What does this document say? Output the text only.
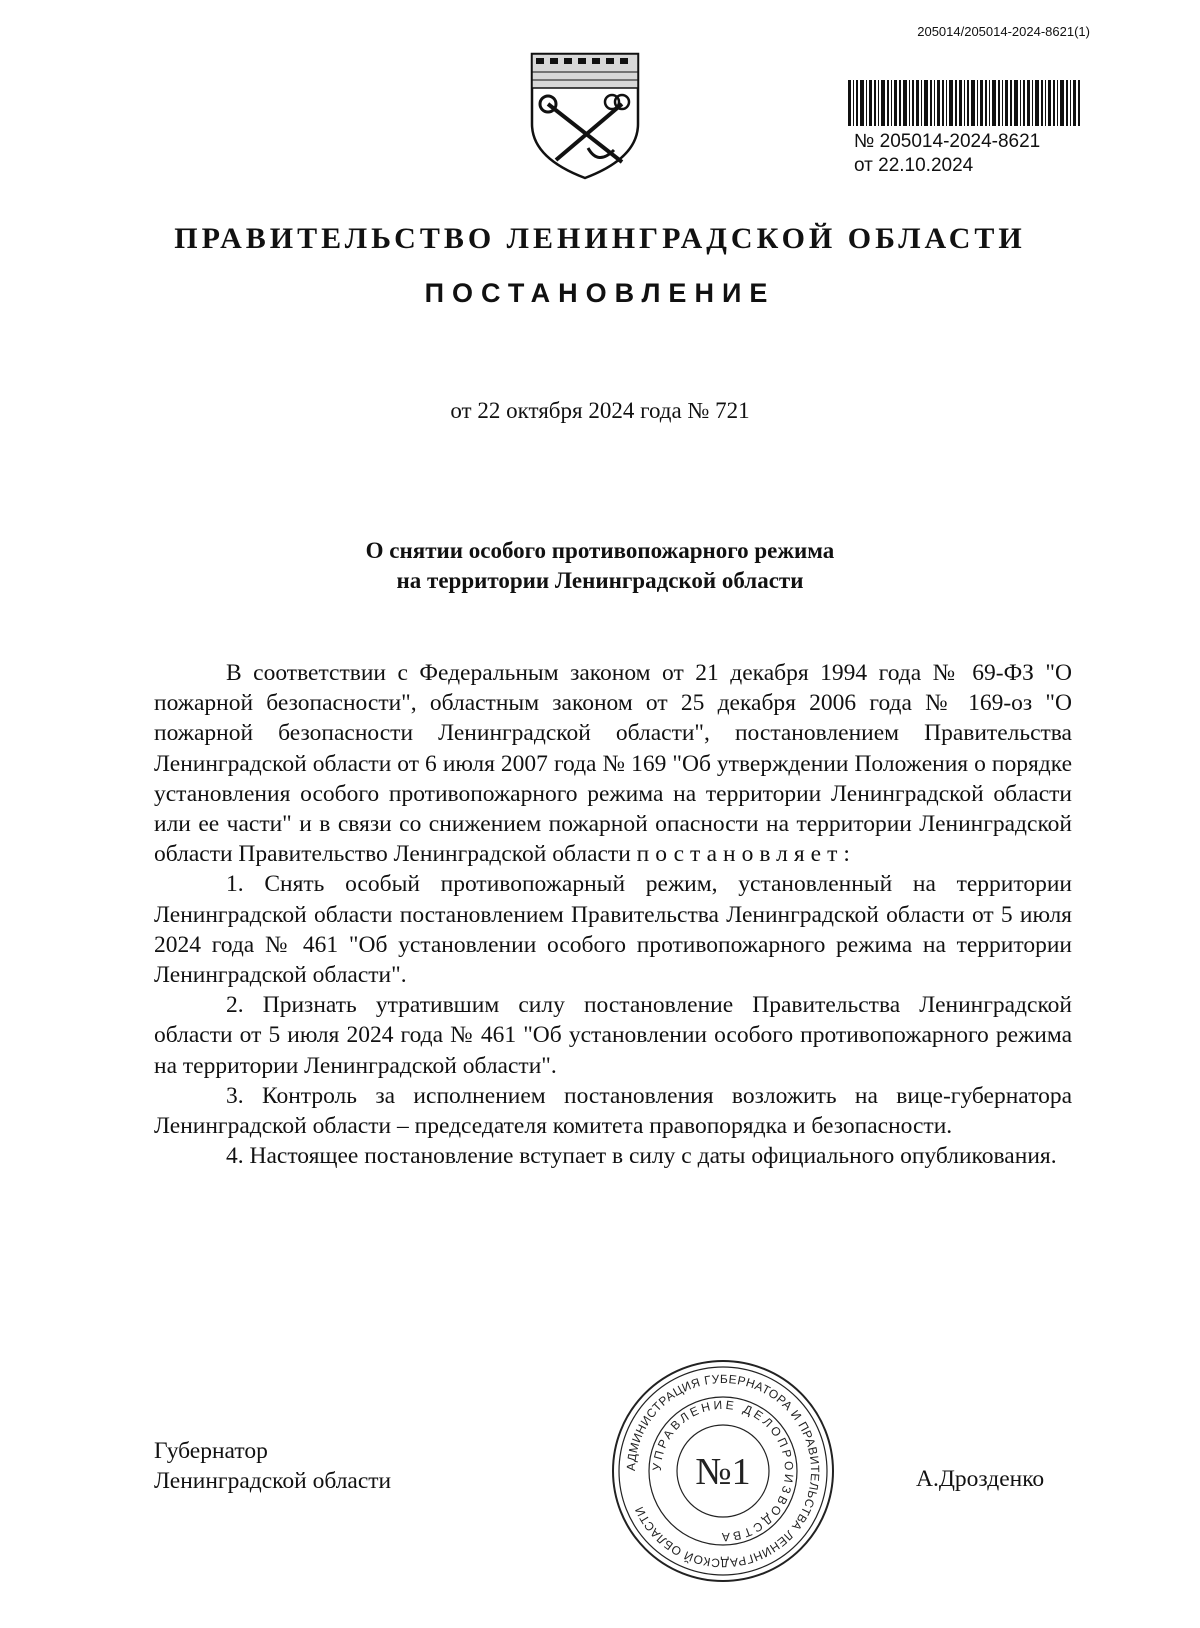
205014/205014-2024-8621(1)
№ 205014-2024-8621
от 22.10.2024
ПРАВИТЕЛЬСТВО ЛЕНИНГРАДСКОЙ ОБЛАСТИ
ПОСТАНОВЛЕНИЕ
от 22 октября 2024 года № 721
О снятии особого противопожарного режима
на территории Ленинградской области

В соответствии с Федеральным законом от 21 декабря 1994 года № 69-ФЗ "О пожарной безопасности", областным законом от 25 декабря 2006 года № 169-оз "О пожарной безопасности Ленинградской области", постановлением Правительства Ленинградской области от 6 июля 2007 года № 169 "Об утверждении Положения о порядке установления особого противопожарного режима на территории Ленинградской области или ее части" и в связи со снижением пожарной опасности на территории Ленинградской области Правительство Ленинградской области постановляет:

1. Снять особый противопожарный режим, установленный на территории Ленинградской области постановлением Правительства Ленинградской области от 5 июля 2024 года № 461 "Об установлении особого противопожарного режима на территории Ленинградской области".

2. Признать утратившим силу постановление Правительства Ленинградской области от 5 июля 2024 года № 461 "Об установлении особого противопожарного режима на территории Ленинградской области".

3. Контроль за исполнением постановления возложить на вице-губернатора Ленинградской области – председателя комитета правопорядка и безопасности.

4. Настоящее постановление вступает в силу с даты официального опубликования.

Губернатор
Ленинградской области
АДМИНИСТРАЦИЯ ГУБЕРНАТОРА И ПРАВИТЕЛЬСТВА ЛЕНИНГРАДСКОЙ ОБЛАСТИ
УПРАВЛЕНИЕ ДЕЛОПРОИЗВОДСТВА
№1	А.Дрозденко
